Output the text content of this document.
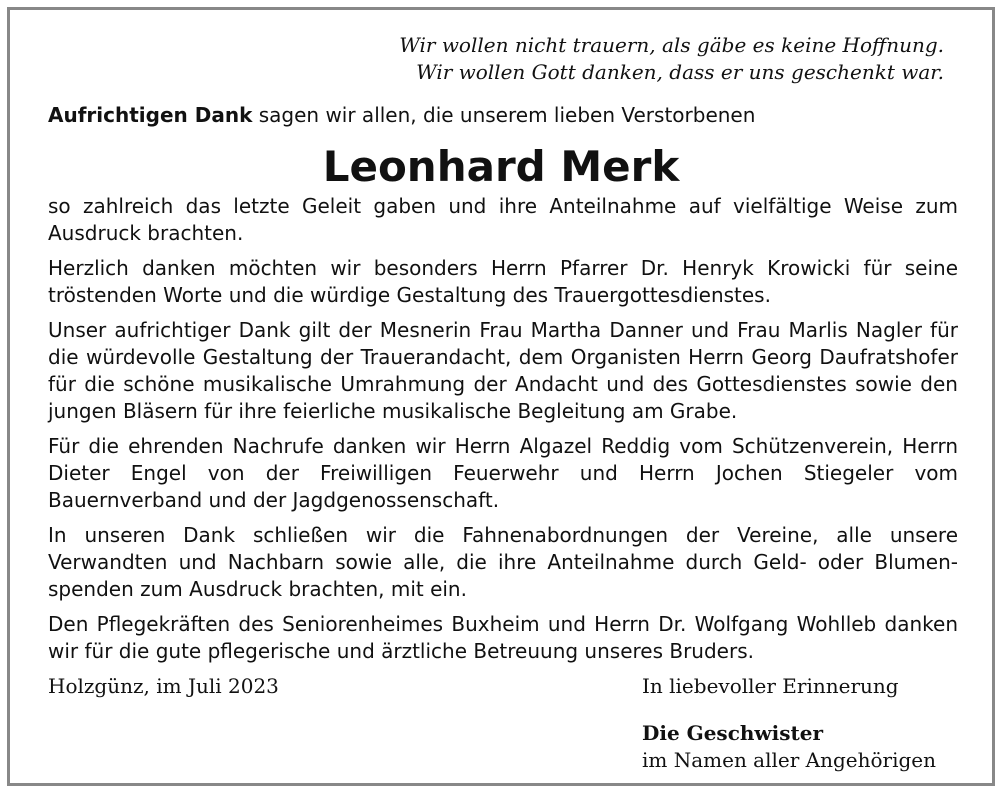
Wir wollen nicht trauern, als gäbe es keine Hoffnung.
Wir wollen Gott danken, dass er uns geschenkt war.
Aufrichtigen Dank sagen wir allen, die unserem lieben Verstorbenen
Leonhard Merk

so zahlreich das letzte Geleit gaben und ihre Anteilnahme auf vielfältige Weise zum Ausdruck brachten.

Herzlich danken möchten wir besonders Herrn Pfarrer Dr. Henryk Krowicki für seine tröstenden Worte und die würdige Gestaltung des Trauergottesdienstes.

Unser aufrichtiger Dank gilt der Mesnerin Frau Martha Danner und Frau Marlis Nagler für die würdevolle Gestaltung der Trauerandacht, dem Organisten Herrn Georg Daufratshofer für die schöne musikalische Umrahmung der Andacht und des Gottesdienstes sowie den jungen Bläsern für ihre feierliche musikalische Begleitung am Grabe.

Für die ehrenden Nachrufe danken wir Herrn Algazel Reddig vom Schützenverein, Herrn Dieter Engel von der Freiwilligen Feuerwehr und Herrn Jochen Stiegeler vom Bauernverband und der Jagdgenossenschaft.

In unseren Dank schließen wir die Fahnenabordnungen der Vereine, alle unsere Verwandten und Nachbarn sowie alle, die ihre Anteilnahme durch Geld- oder Blumenspenden zum Ausdruck brachten, mit ein.

Den Pflegekräften des Seniorenheimes Buxheim und Herrn Dr. Wolfgang Wohlleb danken wir für die gute pflegerische und ärztliche Betreuung unseres Bruders.

Holzgünz, im Juli 2023	In liebevoller Erinnerung
Die Geschwister
im Namen aller Angehörigen
